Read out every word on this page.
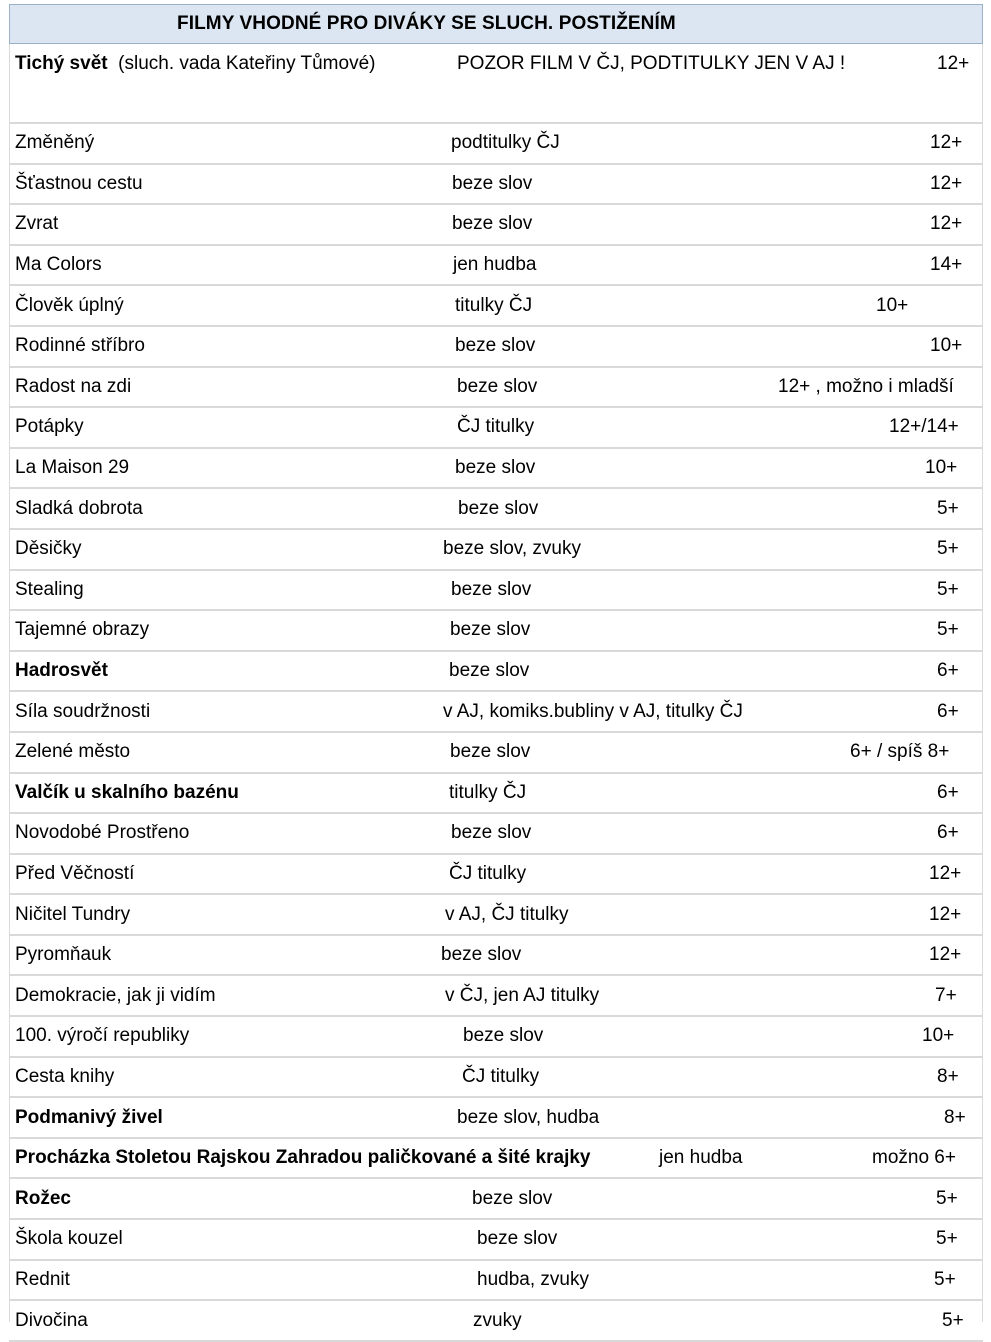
FILMY VHODNÉ PRO DIVÁKY SE SLUCH. POSTIŽENÍM
Tichý svět (sluch. vada Kateřiny Tůmové)	POZOR FILM V ČJ, PODTITULKY JEN V AJ !	12+
Změněný	podtitulky ČJ	12+
Šťastnou cestu	beze slov	12+
Zvrat	beze slov	12+
Ma Colors	jen hudba	14+
Člověk úplný	titulky ČJ	10+
Rodinné stříbro	beze slov	10+
Radost na zdi	beze slov	12+ , možno i mladší
Potápky	ČJ titulky	12+/14+
La Maison 29	beze slov	10+
Sladká dobrota	beze slov	5+
Děsičky	beze slov, zvuky	5+
Stealing	beze slov	5+
Tajemné obrazy	beze slov	5+
Hadrosvět	beze slov	6+
Síla soudržnosti	v AJ, komiks.bubliny v AJ, titulky ČJ	6+
Zelené město	beze slov	6+ / spíš 8+
Valčík u skalního bazénu	titulky ČJ	6+
Novodobé Prostřeno	beze slov	6+
Před Věčností	ČJ titulky	12+
Ničitel Tundry	v AJ, ČJ titulky	12+
Pyromňauk	beze slov	12+
Demokracie, jak ji vidím	v ČJ, jen AJ titulky	7+
100. výročí republiky	beze slov	10+
Cesta knihy	ČJ titulky	8+
Podmanivý živel	beze slov, hudba	8+
Procházka Stoletou Rajskou Zahradou paličkované a šité krajky	jen hudba	možno 6+
Rožec	beze slov	5+
Škola kouzel	beze slov	5+
Rednit	hudba, zvuky	5+
Divočina	zvuky	5+
